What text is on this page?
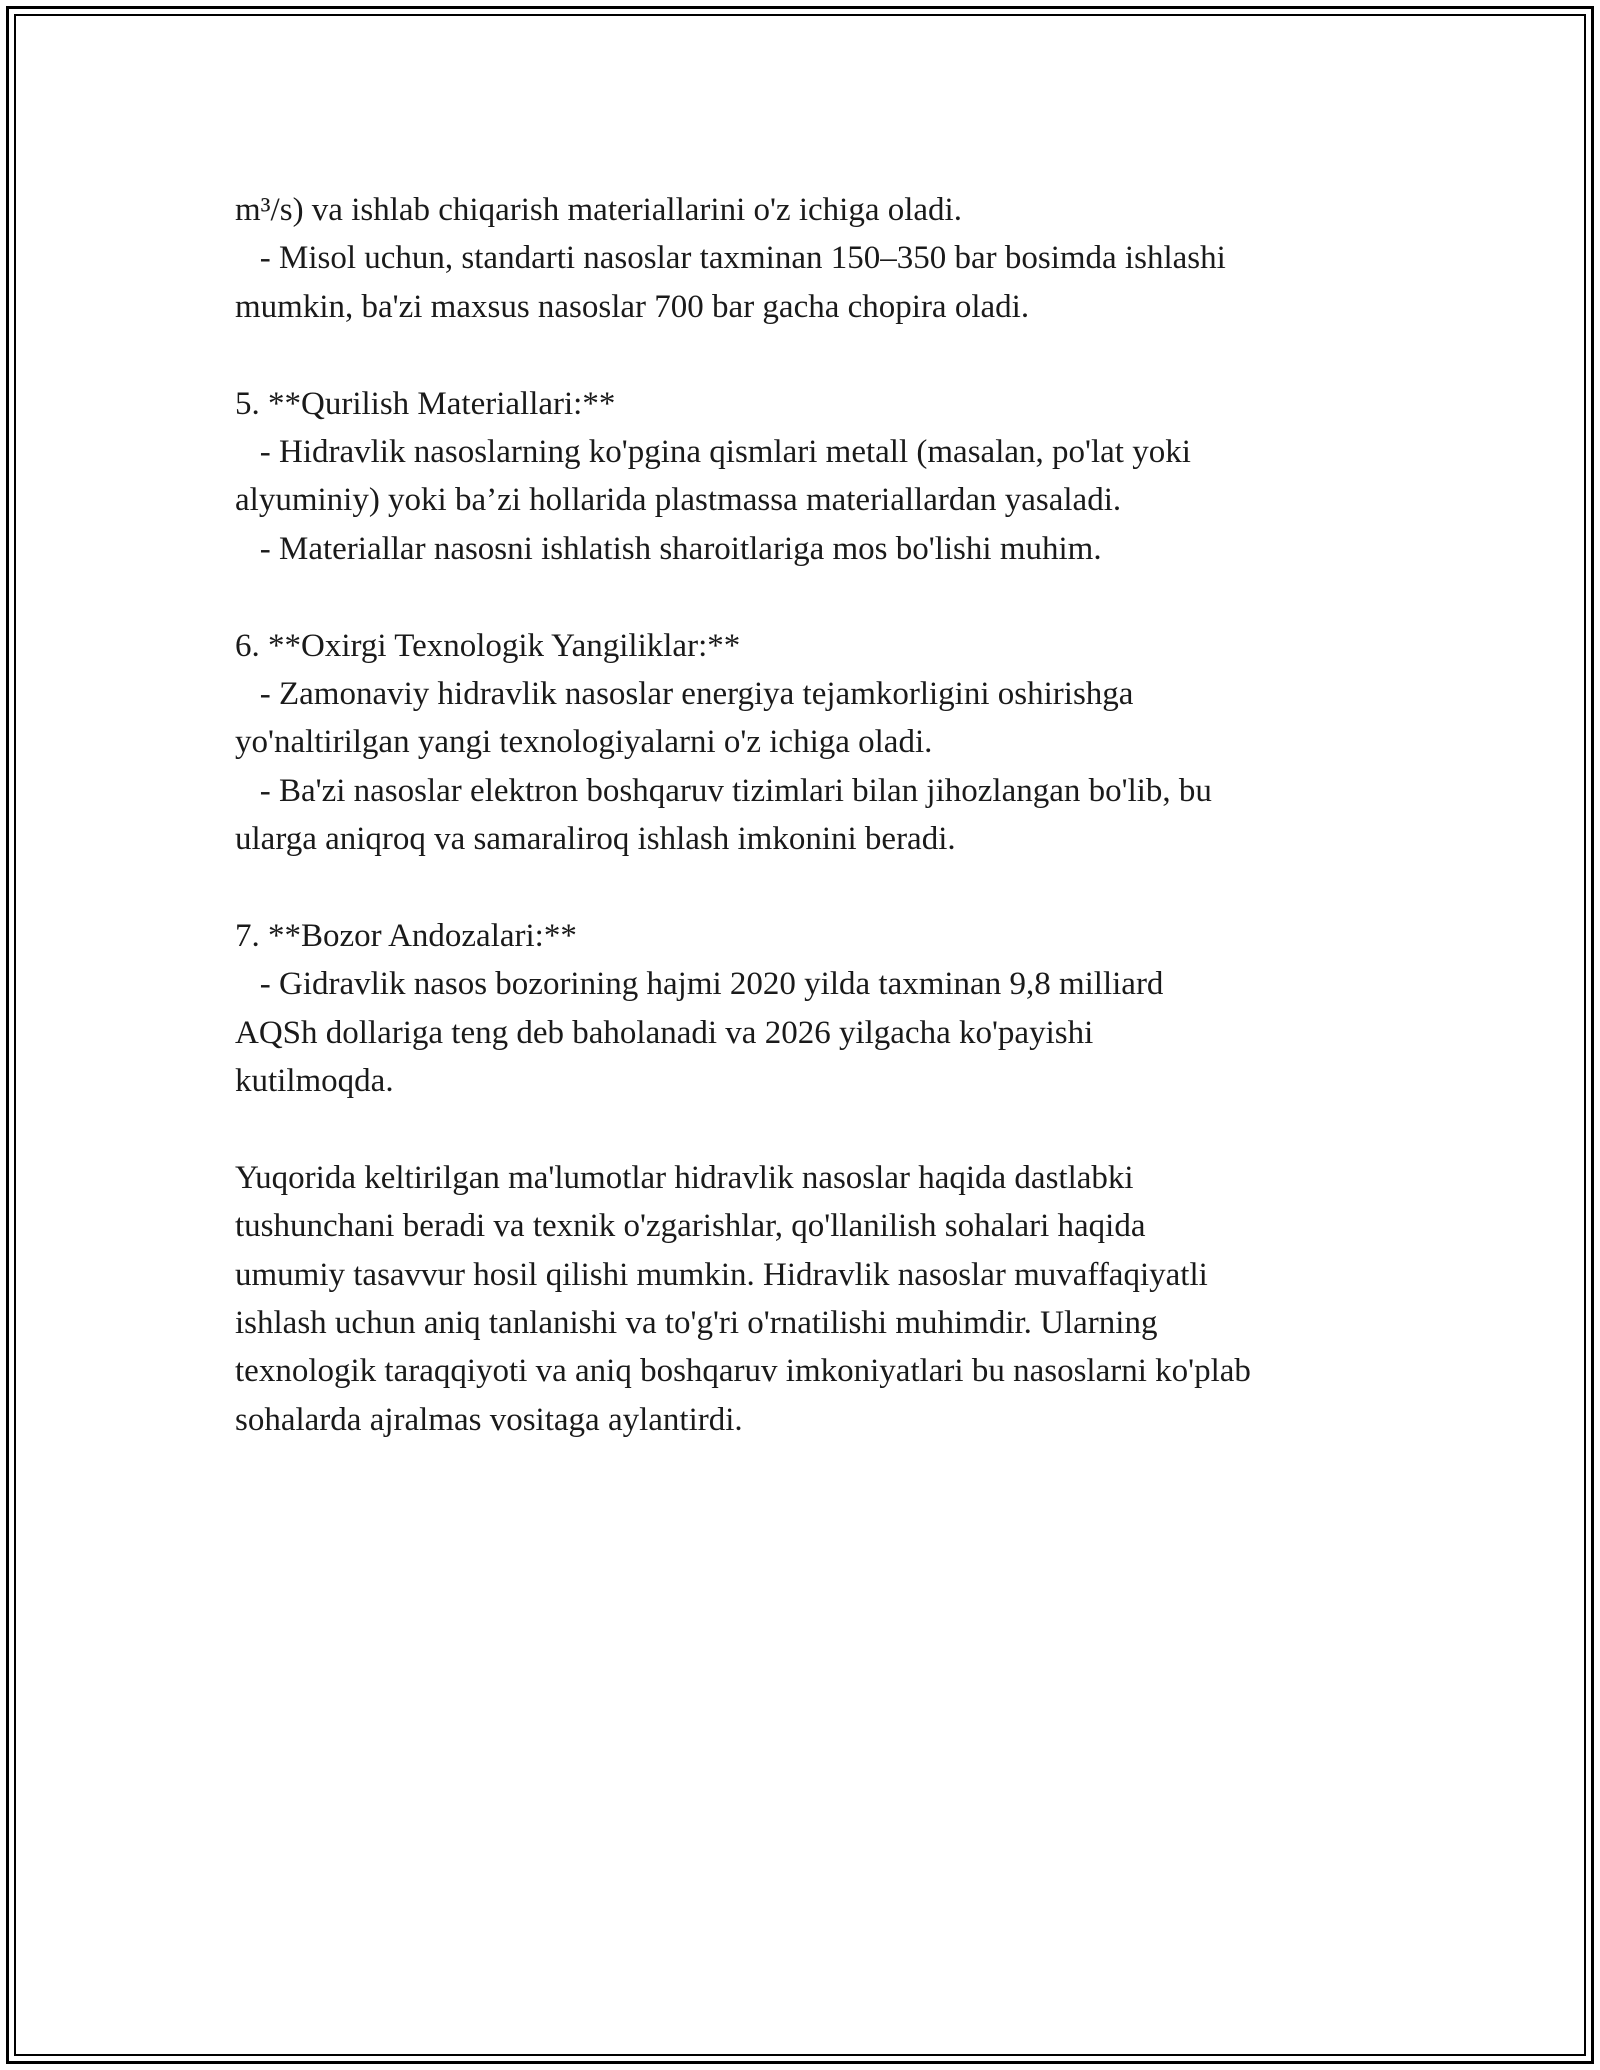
m³/s) va ishlab chiqarish materiallarini o'z ichiga oladi.
- Misol uchun, standarti nasoslar taxminan 150–350 bar bosimda ishlashi
mumkin, ba'zi maxsus nasoslar 700 bar gacha chopira oladi.
5. **Qurilish Materiallari:**
- Hidravlik nasoslarning ko'pgina qismlari metall (masalan, po'lat yoki
alyuminiy) yoki ba’zi hollarida plastmassa materiallardan yasaladi.
- Materiallar nasosni ishlatish sharoitlariga mos bo'lishi muhim.
6. **Oxirgi Texnologik Yangiliklar:**
- Zamonaviy hidravlik nasoslar energiya tejamkorligini oshirishga
yo'naltirilgan yangi texnologiyalarni o'z ichiga oladi.
- Ba'zi nasoslar elektron boshqaruv tizimlari bilan jihozlangan bo'lib, bu
ularga aniqroq va samaraliroq ishlash imkonini beradi.
7. **Bozor Andozalari:**
- Gidravlik nasos bozorining hajmi 2020 yilda taxminan 9,8 milliard
AQSh dollariga teng deb baholanadi va 2026 yilgacha ko'payishi
kutilmoqda.
Yuqorida keltirilgan ma'lumotlar hidravlik nasoslar haqida dastlabki
tushunchani beradi va texnik o'zgarishlar, qo'llanilish sohalari haqida
umumiy tasavvur hosil qilishi mumkin. Hidravlik nasoslar muvaffaqiyatli
ishlash uchun aniq tanlanishi va to'g'ri o'rnatilishi muhimdir. Ularning
texnologik taraqqiyoti va aniq boshqaruv imkoniyatlari bu nasoslarni ko'plab
sohalarda ajralmas vositaga aylantirdi.
